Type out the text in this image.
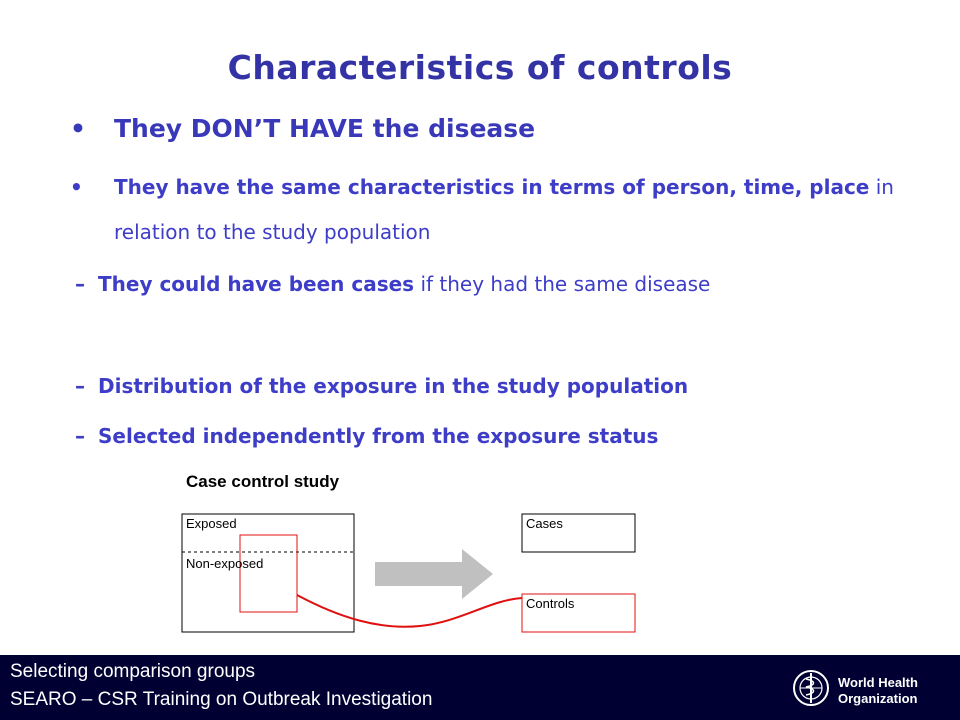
Characteristics of controls
•	They DON’T HAVE the disease
•	They have the same characteristics in terms of person, time, place in relation to the study population
– They could have been cases if they had the same disease
– Distribution of the exposure in the study population
– Selected independently from the exposure status
Case control study
Exposed
Non-exposed
Cases
Controls
Selecting comparison groups
SEARO – CSR Training on Outbreak Investigation
World Health
Organization
